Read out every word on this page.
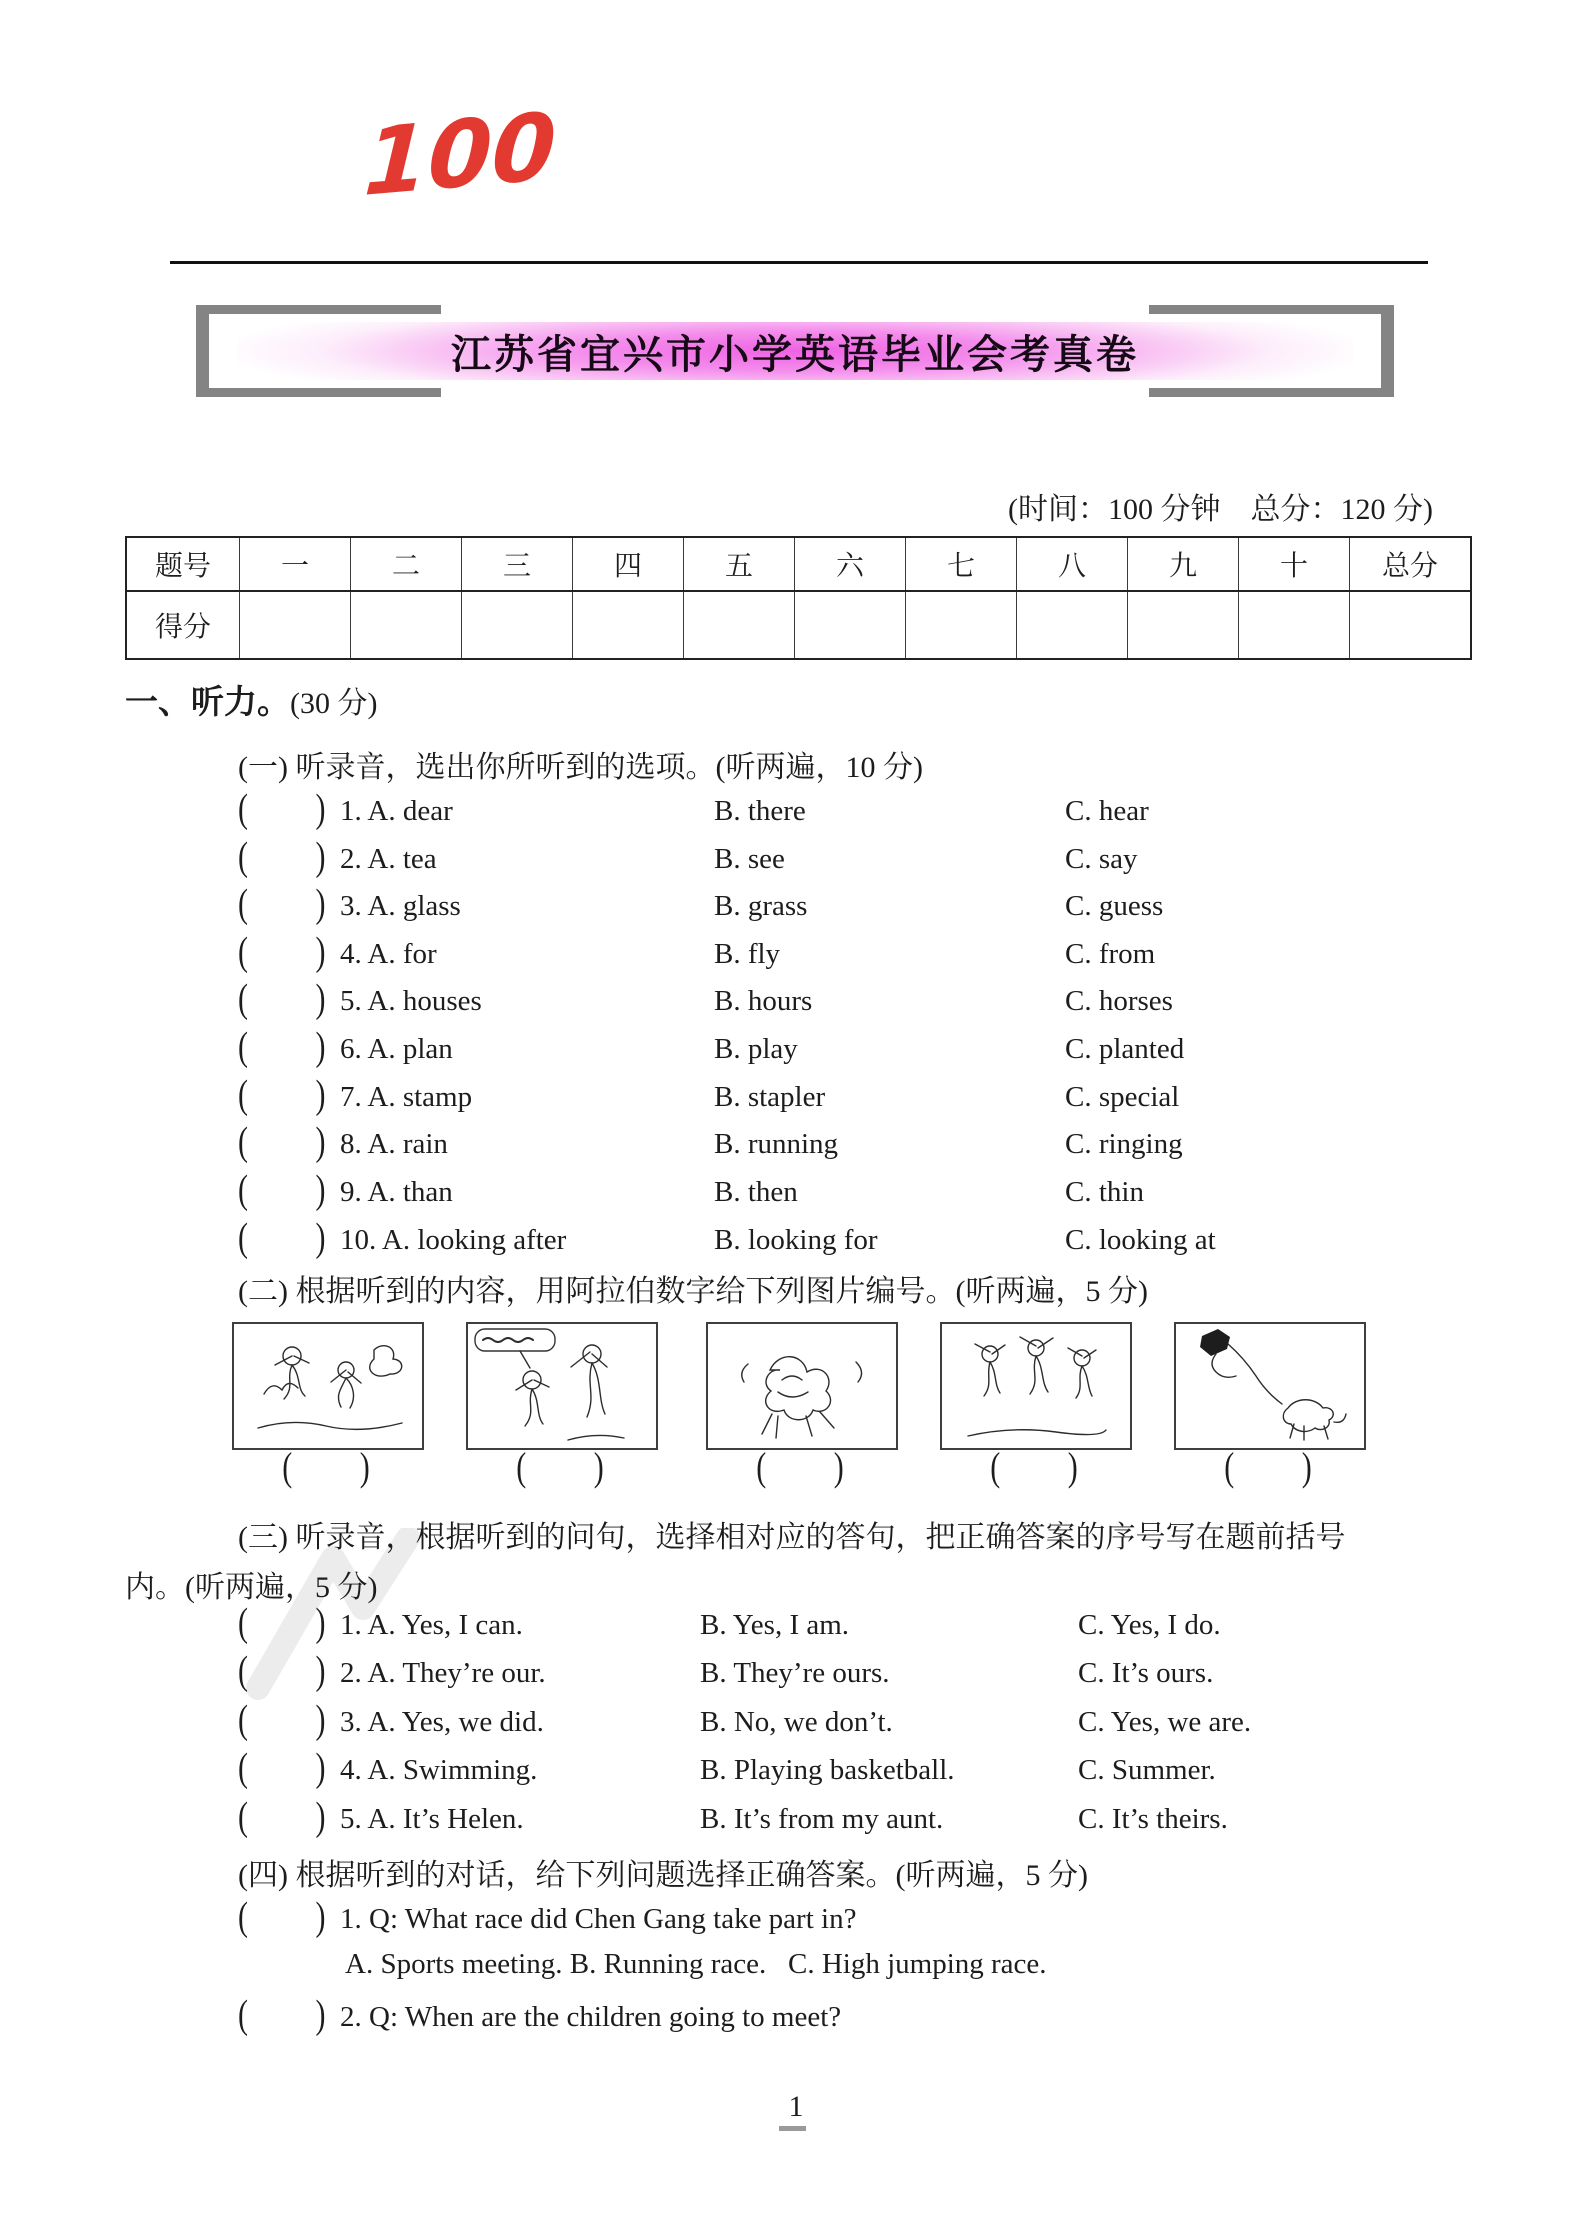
100
江苏省宜兴市小学英语毕业会考真卷
(时间：100 分钟　总分：120 分)
题号	一	二	三	四	五	六	七	八	九	十	总分
得分											
一、听力。(30 分)
(一) 听录音，选出你所听到的选项。(听两遍，10 分)
(         ) 1. A. dear	B. there	C. hear
(         ) 2. A. tea	B. see	C. say
(         ) 3. A. glass	B. grass	C. guess
(         ) 4. A. for	B. fly	C. from
(         ) 5. A. houses	B. hours	C. horses
(         ) 6. A. plan	B. play	C. planted
(         ) 7. A. stamp	B. stapler	C. special
(         ) 8. A. rain	B. running	C. ringing
(         ) 9. A. than	B. then	C. thin
(         ) 10. A. looking after	B. looking for	C. looking at
(二) 根据听到的内容，用阿拉伯数字给下列图片编号。(听两遍，5 分)
(         )	(         )	(         )	(         )	(         )
(三) 听录音，根据听到的问句，选择相对应的答句，把正确答案的序号写在题前括号
内。(听两遍，5 分)
(         ) 1. A. Yes, I can.	B. Yes, I am.	C. Yes, I do.
(         ) 2. A. They’re our.	B. They’re ours.	C. It’s ours.
(         ) 3. A. Yes, we did.	B. No, we don’t.	C. Yes, we are.
(         ) 4. A. Swimming.	B. Playing basketball.	C. Summer.
(         ) 5. A. It’s Helen.	B. It’s from my aunt.	C. It’s theirs.
(四) 根据听到的对话，给下列问题选择正确答案。(听两遍，5 分)
(         ) 1. Q: What race did Chen Gang take part in?
A. Sports meeting. B. Running race.   C. High jumping race.
(         ) 2. Q: When are the children going to meet?
1
